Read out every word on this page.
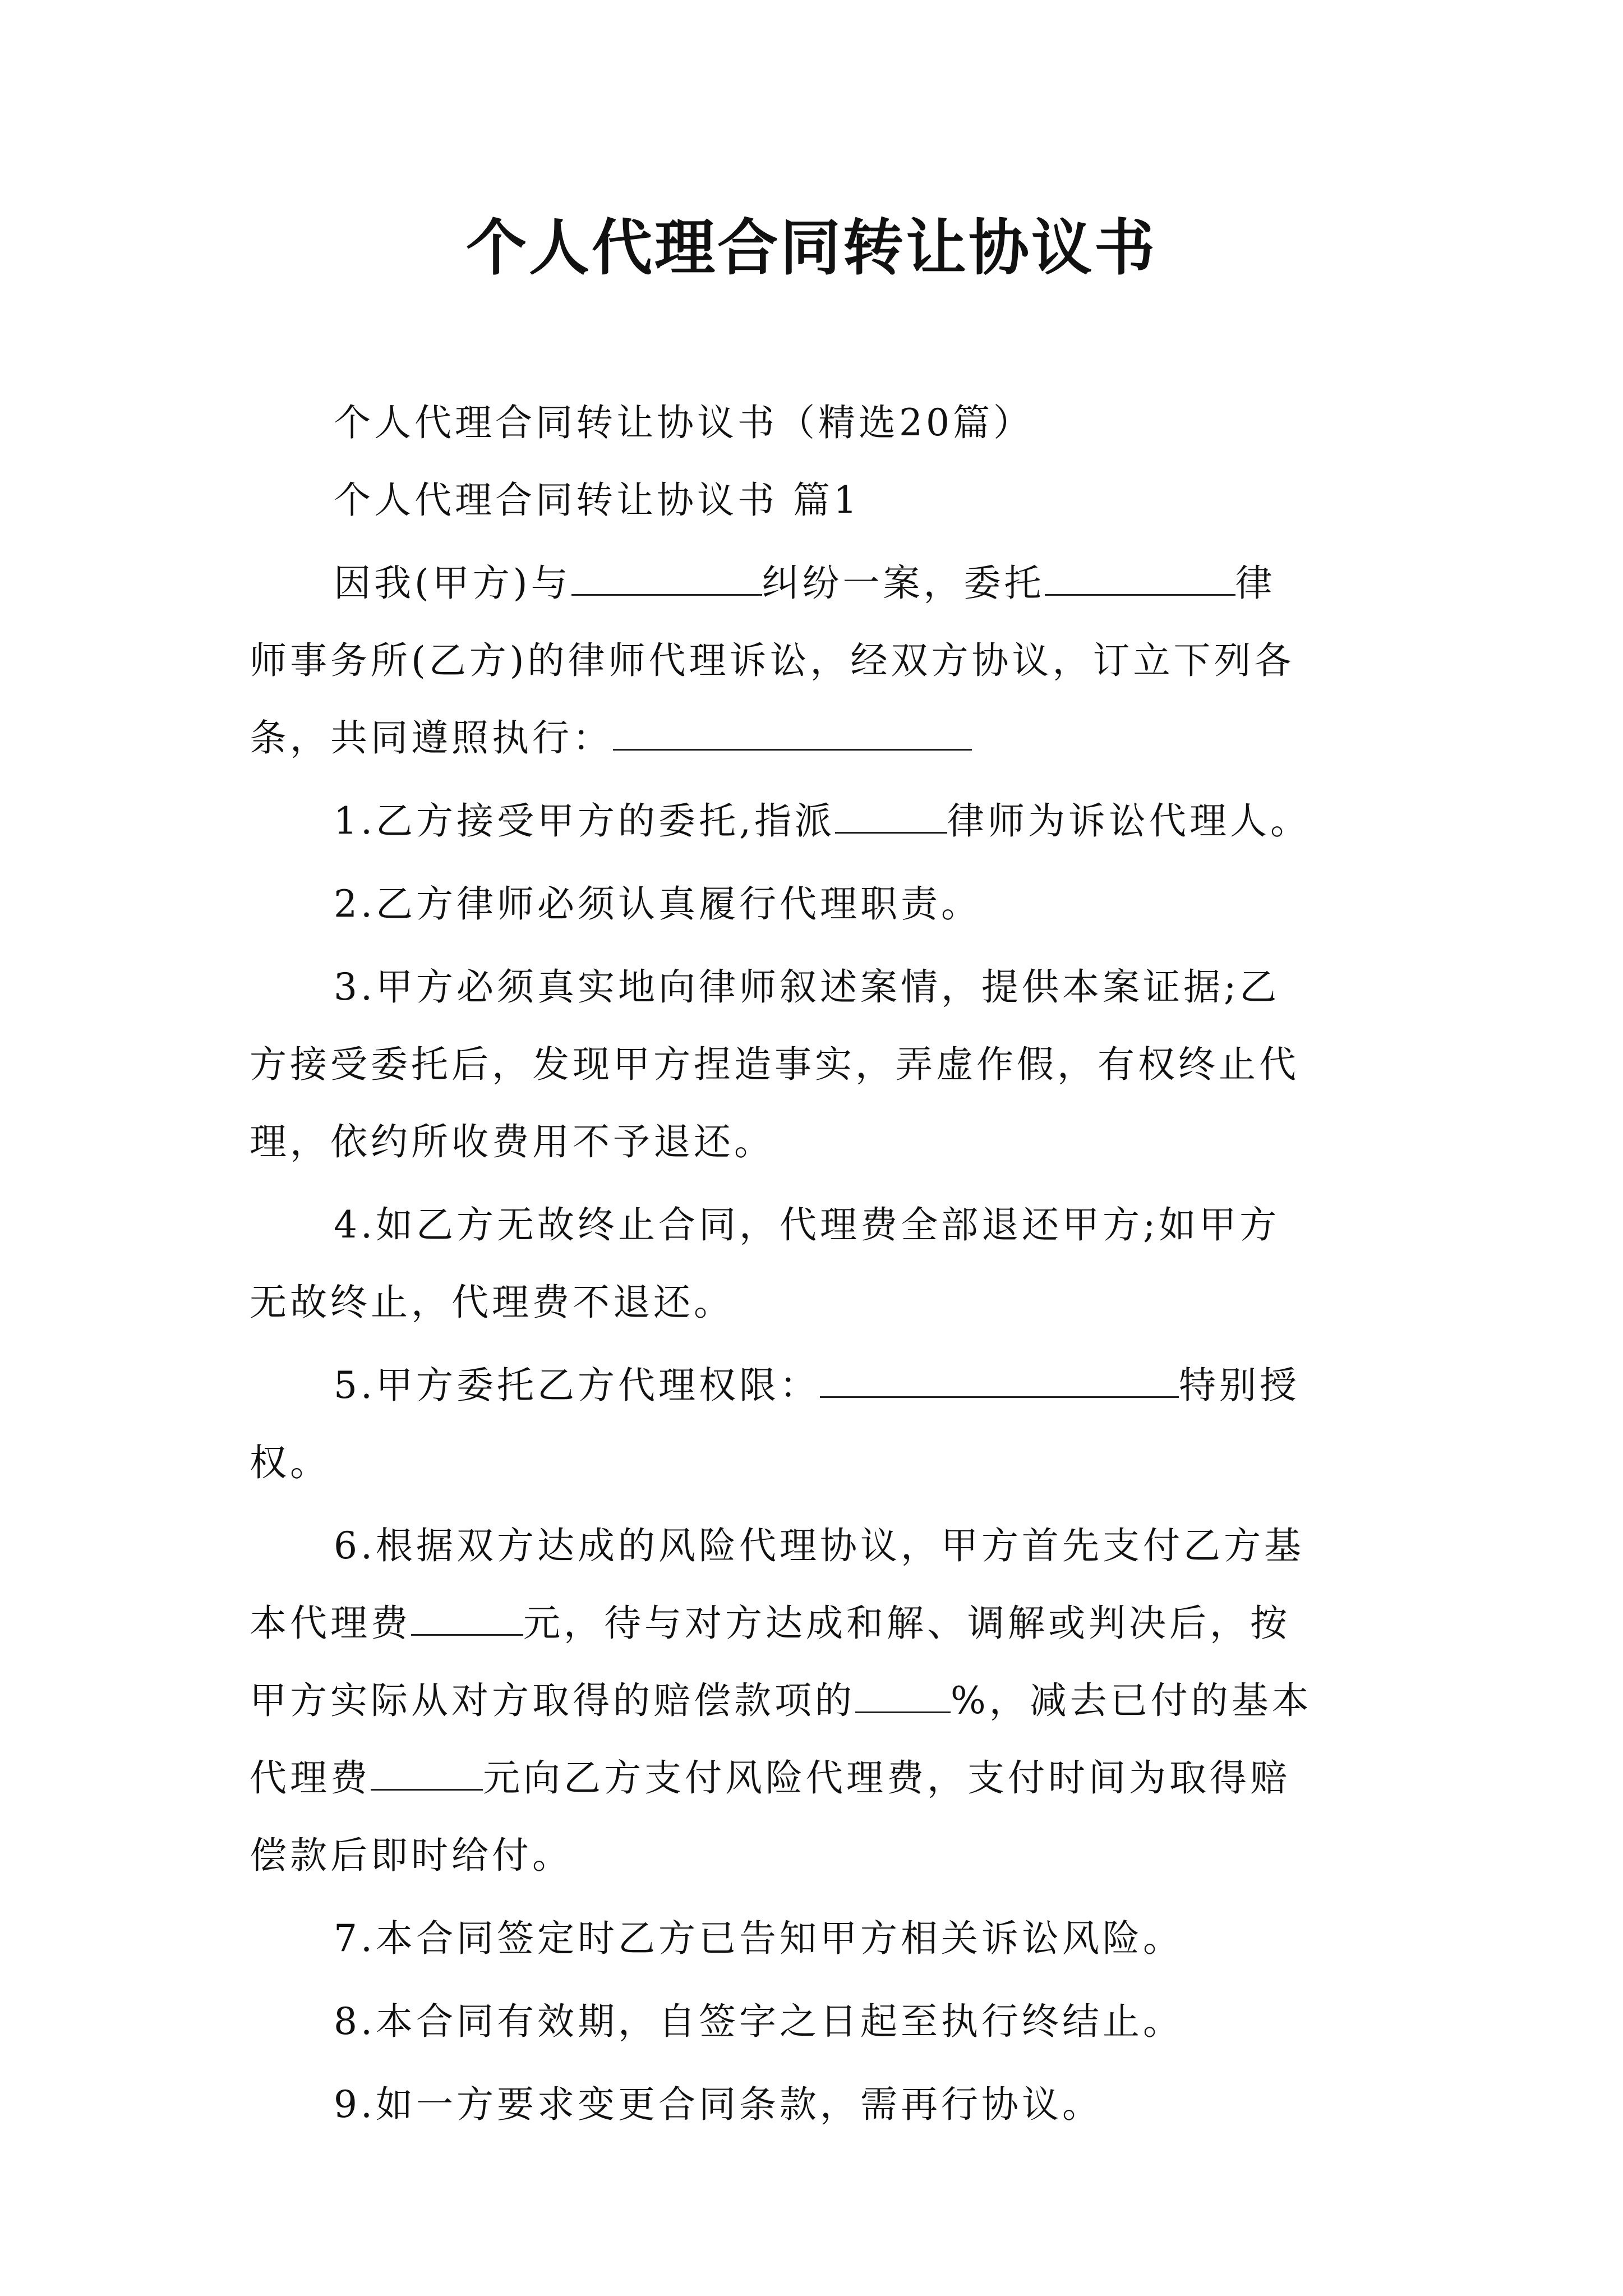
个人代理合同转让协议书
个人代理合同转让协议书（精选20篇）
个人代理合同转让协议书 篇1
因我(甲方)与	纠纷一案，委托	律
师事务所(乙方)的律师代理诉讼，经双方协议，订立下列各
条，共同遵照执行：
1.乙方接受甲方的委托,指派	律师为诉讼代理人。
2.乙方律师必须认真履行代理职责。
3.甲方必须真实地向律师叙述案情，提供本案证据;乙
方接受委托后，发现甲方捏造事实，弄虚作假，有权终止代
理，依约所收费用不予退还。
4.如乙方无故终止合同，代理费全部退还甲方;如甲方
无故终止，代理费不退还。
5.甲方委托乙方代理权限：	特别授
权。
6.根据双方达成的风险代理协议，甲方首先支付乙方基
本代理费	元，待与对方达成和解、调解或判决后，按
甲方实际从对方取得的赔偿款项的	%，减去已付的基本
代理费	元向乙方支付风险代理费，支付时间为取得赔
偿款后即时给付。
7.本合同签定时乙方已告知甲方相关诉讼风险。
8.本合同有效期，自签字之日起至执行终结止。
9.如一方要求变更合同条款，需再行协议。
